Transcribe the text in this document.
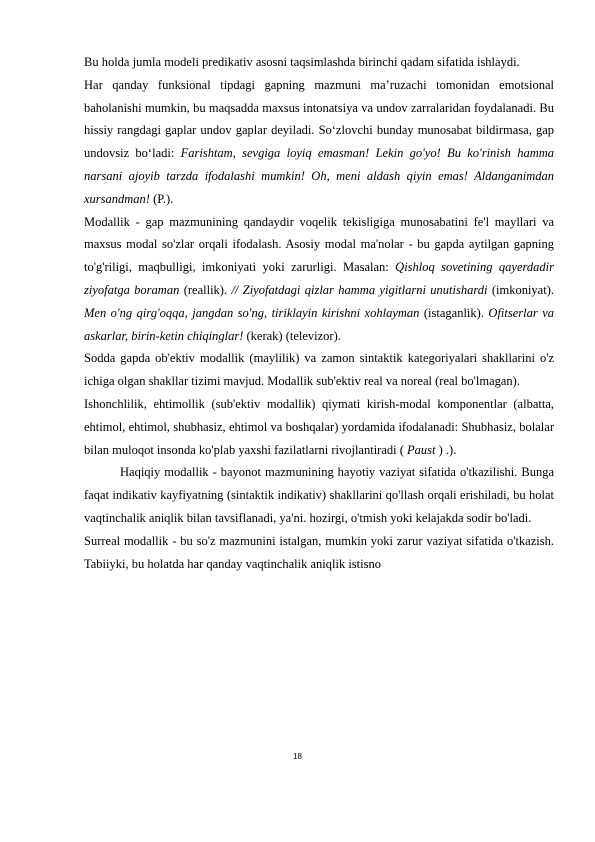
Bu holda jumla modeli predikativ asosni taqsimlashda birinchi qadam sifatida ishlaydi.

Har qanday funksional tipdagi gapning mazmuni ma’ruzachi tomonidan emotsional baholanishi mumkin, bu maqsadda maxsus intonatsiya va undov zarralaridan foydalanadi. Bu hissiy rangdagi gaplar undov gaplar deyiladi. So‘zlovchi bunday munosabat bildirmasa, gap undovsiz bo‘ladi: Farishtam, sevgiga loyiq emasman! Lekin go'yo! Bu ko'rinish hamma narsani ajoyib tarzda ifodalashi mumkin! Oh, meni aldash qiyin emas! Aldanganimdan xursandman! (P.).

Modallik - gap mazmunining qandaydir voqelik tekisligiga munosabatini fe'l mayllari va maxsus modal so'zlar orqali ifodalash. Asosiy modal ma'nolar - bu gapda aytilgan gapning to'g'riligi, maqbulligi, imkoniyati yoki zarurligi. Masalan: Qishloq sovetining qayerdadir ziyofatga boraman (reallik). // Ziyofatdagi qizlar hamma yigitlarni unutishardi (imkoniyat). Men o'ng qirg'oqqa, jangdan so'ng, tiriklayin kirishni xohlayman (istaganlik). Ofitserlar va askarlar, birin-ketin chiqinglar! (kerak) (televizor).

Sodda gapda ob'ektiv modallik (maylilik) va zamon sintaktik kategoriyalari shakllarini o'z ichiga olgan shakllar tizimi mavjud. Modallik sub'ektiv real va noreal (real bo'lmagan).

Ishonchlilik, ehtimollik (sub'ektiv modallik) qiymati kirish-modal komponentlar (albatta, ehtimol, ehtimol, shubhasiz, ehtimol va boshqalar) yordamida ifodalanadi: Shubhasiz, bolalar bilan muloqot insonda ko'plab yaxshi fazilatlarni rivojlantiradi ( Paust ) .).

Haqiqiy modallik - bayonot mazmunining hayotiy vaziyat sifatida o'tkazilishi. Bunga faqat indikativ kayfiyatning (sintaktik indikativ) shakllarini qo'llash orqali erishiladi, bu holat vaqtinchalik aniqlik bilan tavsiflanadi, ya'ni. hozirgi, o'tmish yoki kelajakda sodir bo'ladi.

Surreal modallik - bu so'z mazmunini istalgan, mumkin yoki zarur vaziyat sifatida o'tkazish. Tabiiyki, bu holatda har qanday vaqtinchalik aniqlik istisno

18
